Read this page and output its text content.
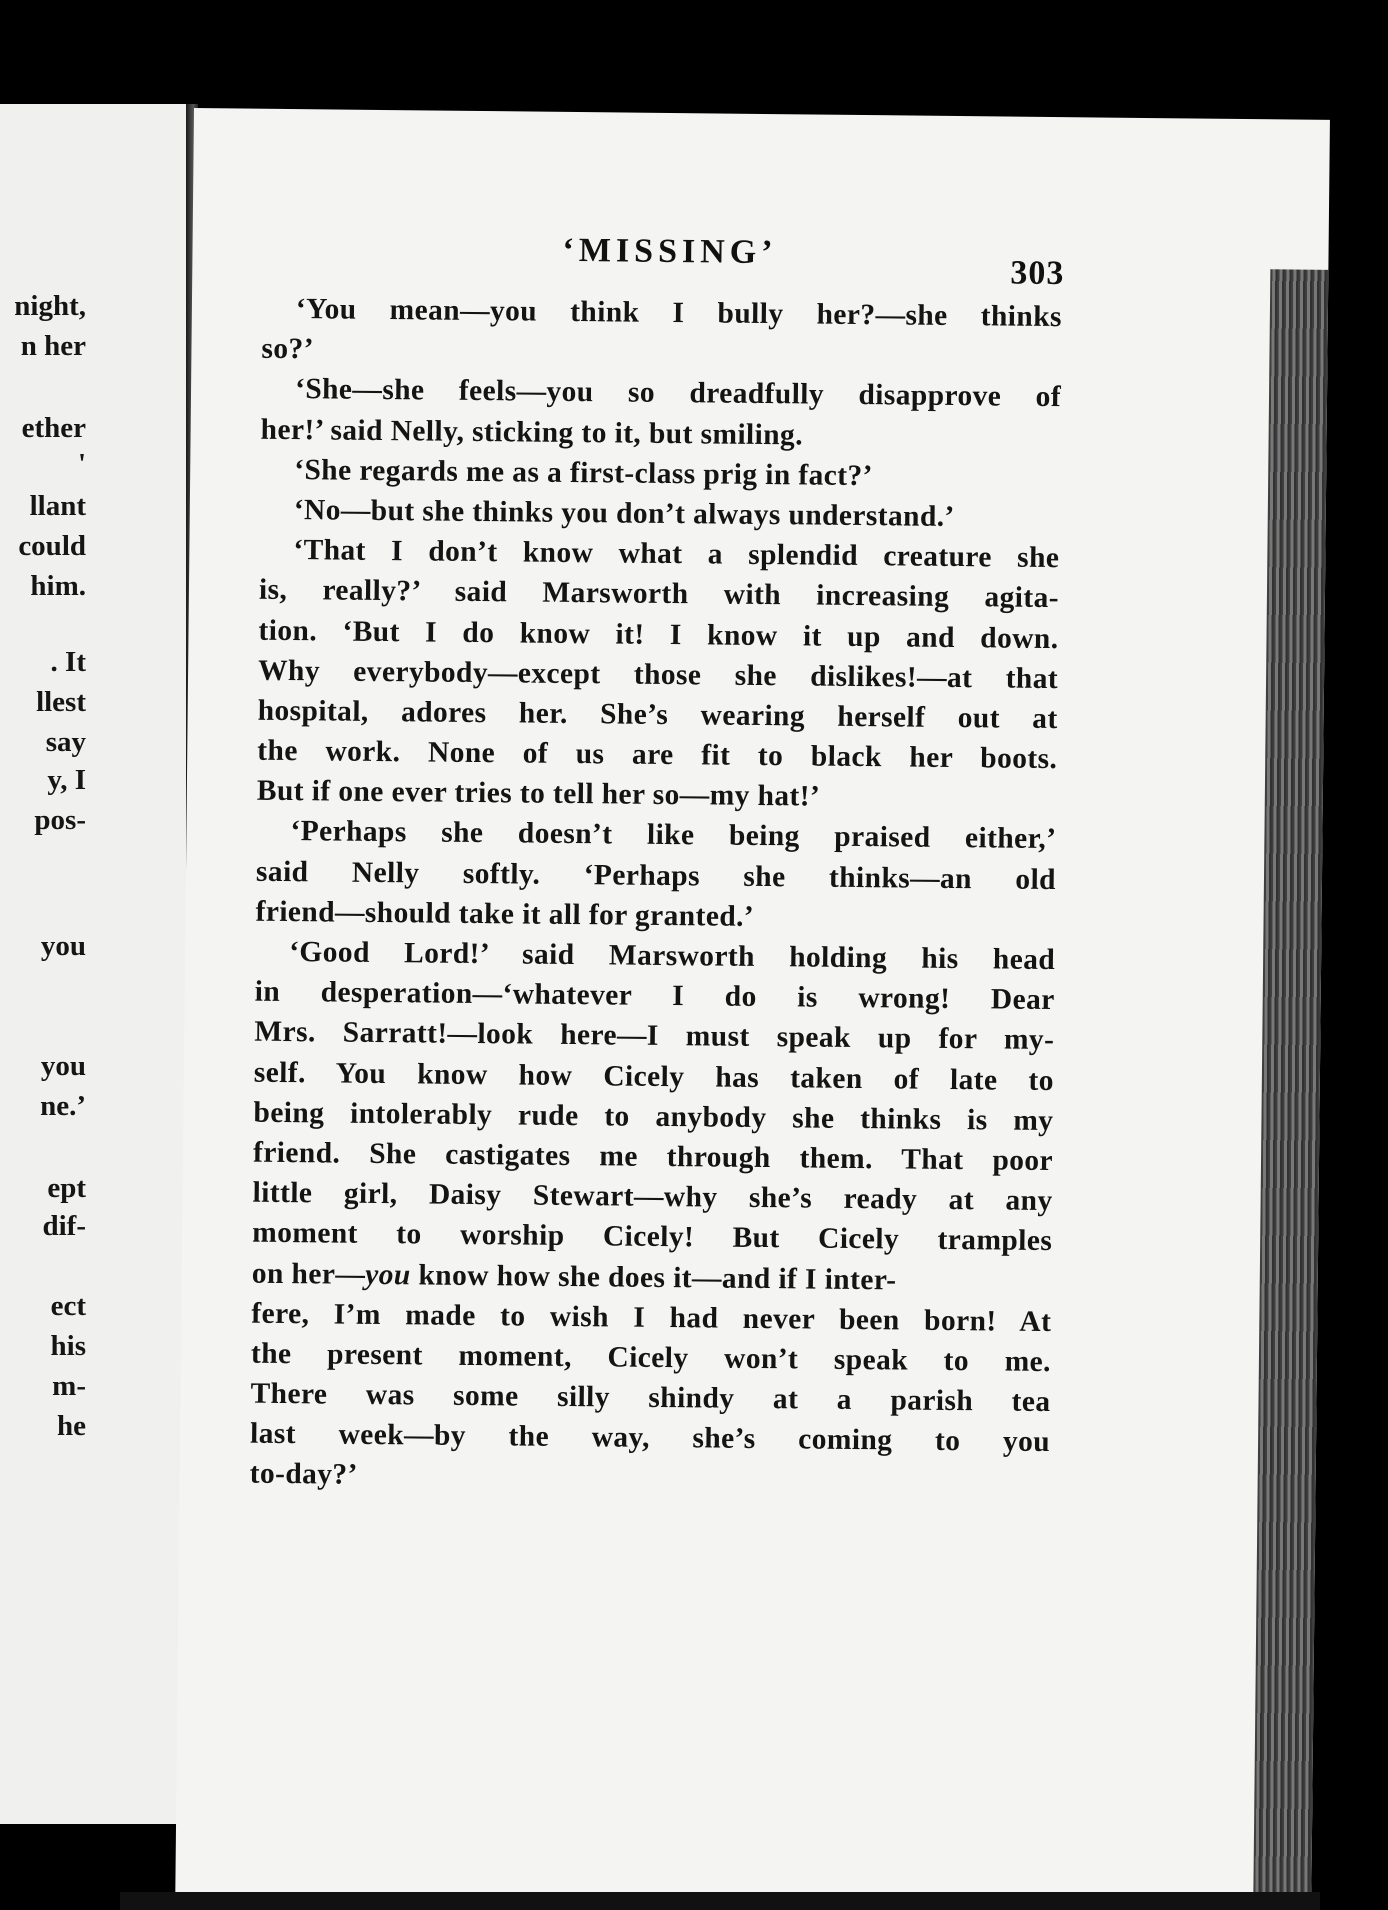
night,
n her
ether
'
llant
could
him.
. It
llest
say
y, I
pos-
you
you
ne.’
ept
dif-
ect
his
m-
he
‘MISSING’
303
‘You mean—you think I bully her?—she thinks
so?’
‘She—she feels—you so dreadfully disapprove of
her!’ said Nelly, sticking to it, but smiling.
‘She regards me as a first-class prig in fact?’
‘No—but she thinks you don’t always understand.’
‘That I don’t know what a splendid creature she
is, really?’ said Marsworth with increasing agita-
tion. ‘But I do know it! I know it up and down.
Why everybody—except those she dislikes!—at that
hospital, adores her. She’s wearing herself out at
the work. None of us are fit to black her boots.
But if one ever tries to tell her so—my hat!’
‘Perhaps she doesn’t like being praised either,’
said Nelly softly. ‘Perhaps she thinks—an old
friend—should take it all for granted.’
‘Good Lord!’ said Marsworth holding his head
in desperation—‘whatever I do is wrong! Dear
Mrs. Sarratt!—look here—I must speak up for my-
self. You know how Cicely has taken of late to
being intolerably rude to anybody she thinks is my
friend. She castigates me through them. That poor
little girl, Daisy Stewart—why she’s ready at any
moment to worship Cicely! But Cicely tramples
on her—you know how she does it—and if I inter-
fere, I’m made to wish I had never been born! At
the present moment, Cicely won’t speak to me.
There was some silly shindy at a parish tea
last week—by the way, she’s coming to you
to-day?’
